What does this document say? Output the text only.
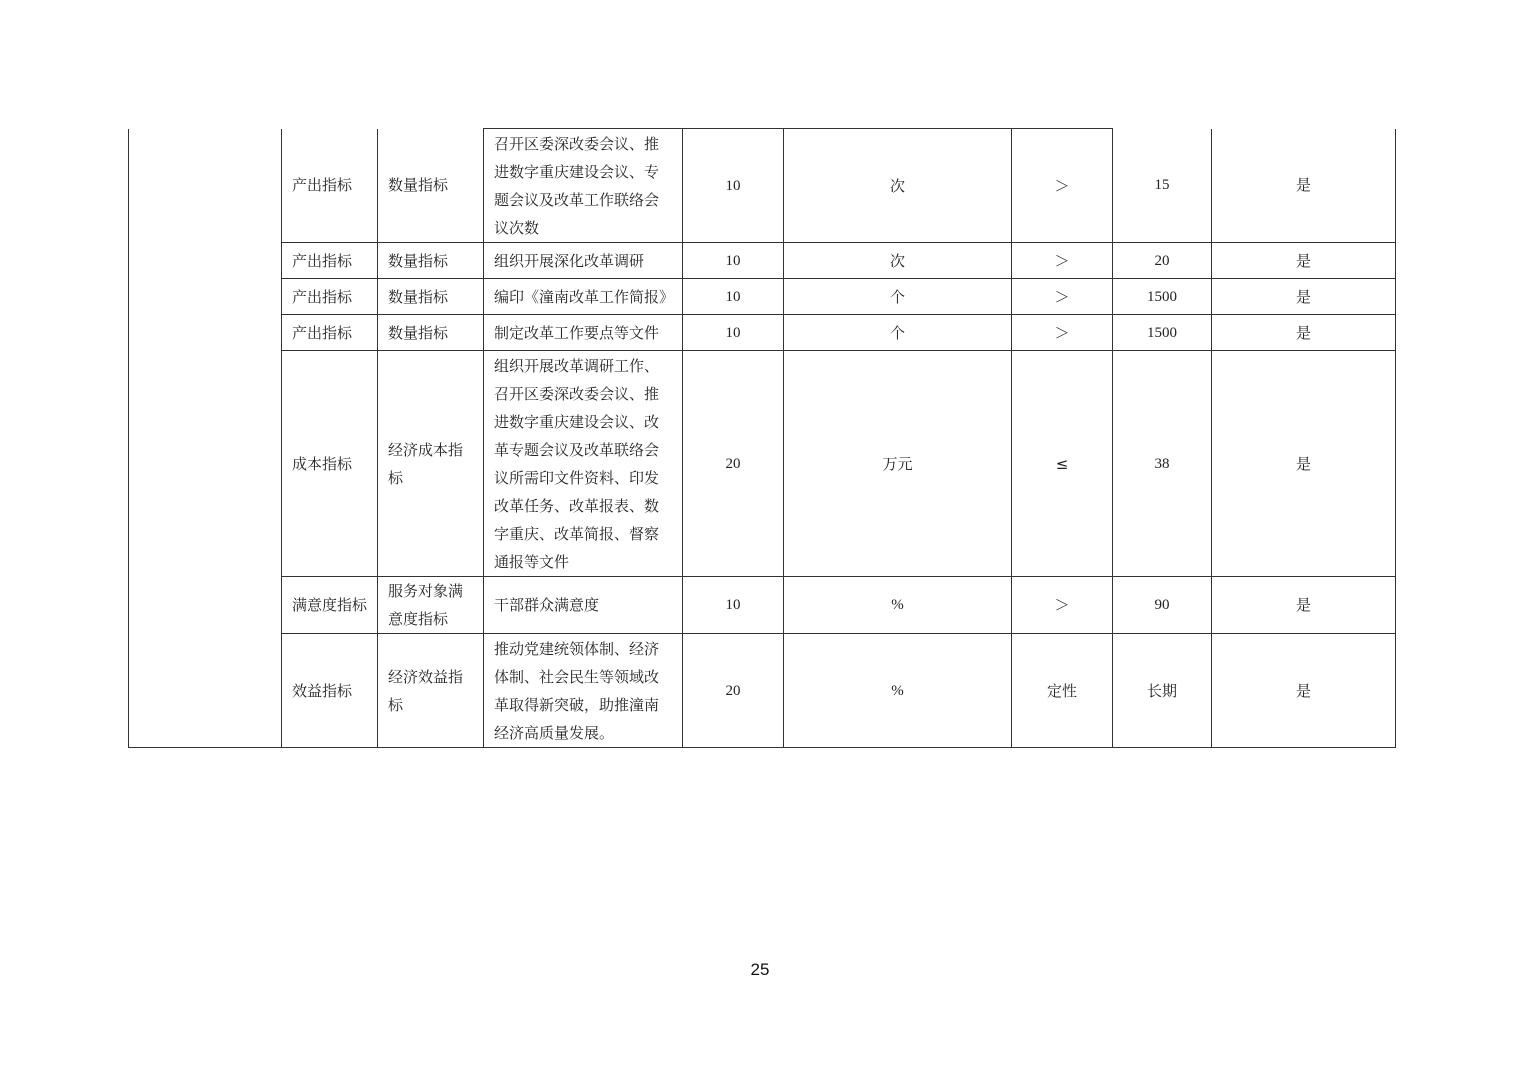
	产出指标	数量指标	召开区委深改委会议、推进数字重庆建设会议、专题会议及改革工作联络会议次数	10	次	＞	15	是
	产出指标	数量指标	组织开展深化改革调研	10	次	＞	20	是
	产出指标	数量指标	编印《潼南改革工作简报》	10	个	＞	1500	是
	产出指标	数量指标	制定改革工作要点等文件	10	个	＞	1500	是
	成本指标	经济成本指标	组织开展改革调研工作、召开区委深改委会议、推进数字重庆建设会议、改革专题会议及改革联络会议所需印文件资料、印发改革任务、改革报表、数字重庆、改革简报、督察通报等文件	20	万元	≤	38	是
	满意度指标	服务对象满意度指标	干部群众满意度	10	%	＞	90	是
	效益指标	经济效益指标	推动党建统领体制、经济体制、社会民生等领域改革取得新突破，助推潼南经济高质量发展。	20	%	定性	长期	是
25
